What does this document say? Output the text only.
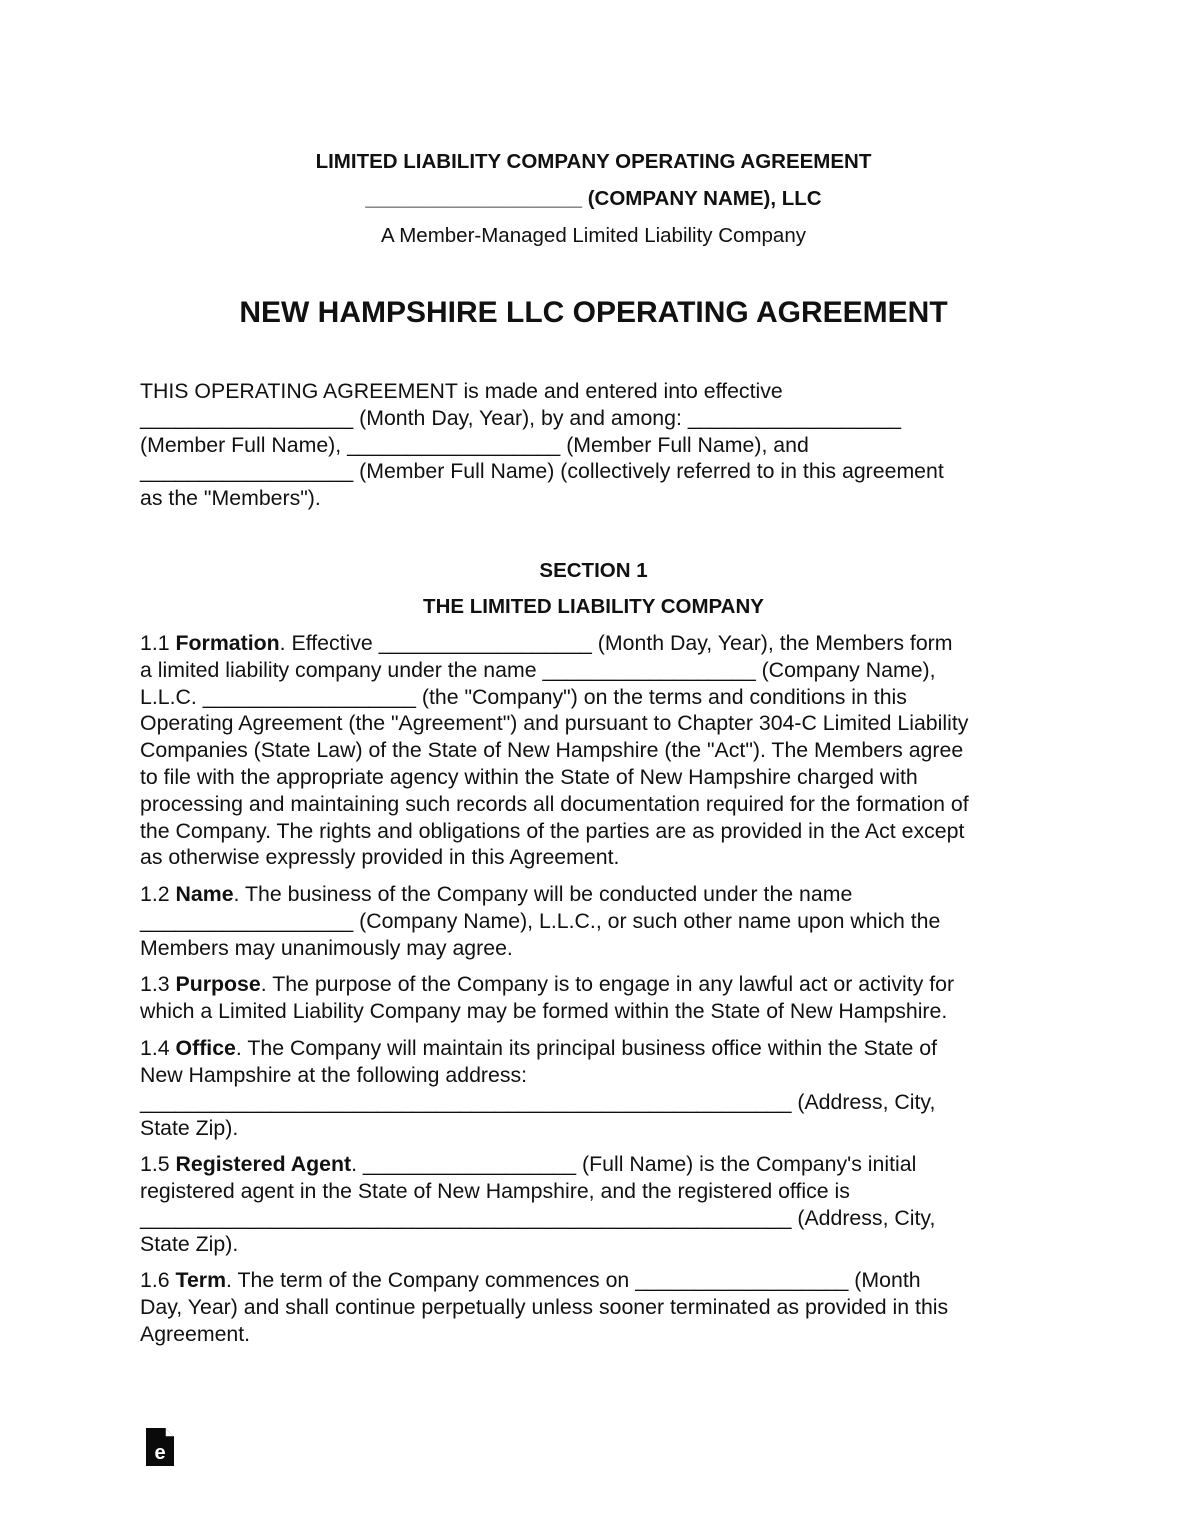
LIMITED LIABILITY COMPANY OPERATING AGREEMENT
___________________ (COMPANY NAME), LLC
A Member-Managed Limited Liability Company
NEW HAMPSHIRE LLC OPERATING AGREEMENT
THIS OPERATING AGREEMENT is made and entered into effective
__________________ (Month Day, Year), by and among: __________________
(Member Full Name), __________________ (Member Full Name), and
__________________ (Member Full Name) (collectively referred to in this agreement
as the "Members").
SECTION 1
THE LIMITED LIABILITY COMPANY
1.1 Formation. Effective __________________ (Month Day, Year), the Members form
a limited liability company under the name __________________ (Company Name),
L.L.C. __________________ (the "Company") on the terms and conditions in this
Operating Agreement (the "Agreement") and pursuant to Chapter 304-C Limited Liability
Companies (State Law) of the State of New Hampshire (the "Act"). The Members agree
to file with the appropriate agency within the State of New Hampshire charged with
processing and maintaining such records all documentation required for the formation of
the Company. The rights and obligations of the parties are as provided in the Act except
as otherwise expressly provided in this Agreement.
1.2 Name. The business of the Company will be conducted under the name
__________________ (Company Name), L.L.C., or such other name upon which the
Members may unanimously may agree.
1.3 Purpose. The purpose of the Company is to engage in any lawful act or activity for
which a Limited Liability Company may be formed within the State of New Hampshire.
1.4 Office. The Company will maintain its principal business office within the State of
New Hampshire at the following address:
_______________________________________________________ (Address, City,
State Zip).
1.5 Registered Agent. __________________ (Full Name) is the Company's initial
registered agent in the State of New Hampshire, and the registered office is
_______________________________________________________ (Address, City,
State Zip).
1.6 Term. The term of the Company commences on __________________ (Month
Day, Year) and shall continue perpetually unless sooner terminated as provided in this
Agreement.
e
